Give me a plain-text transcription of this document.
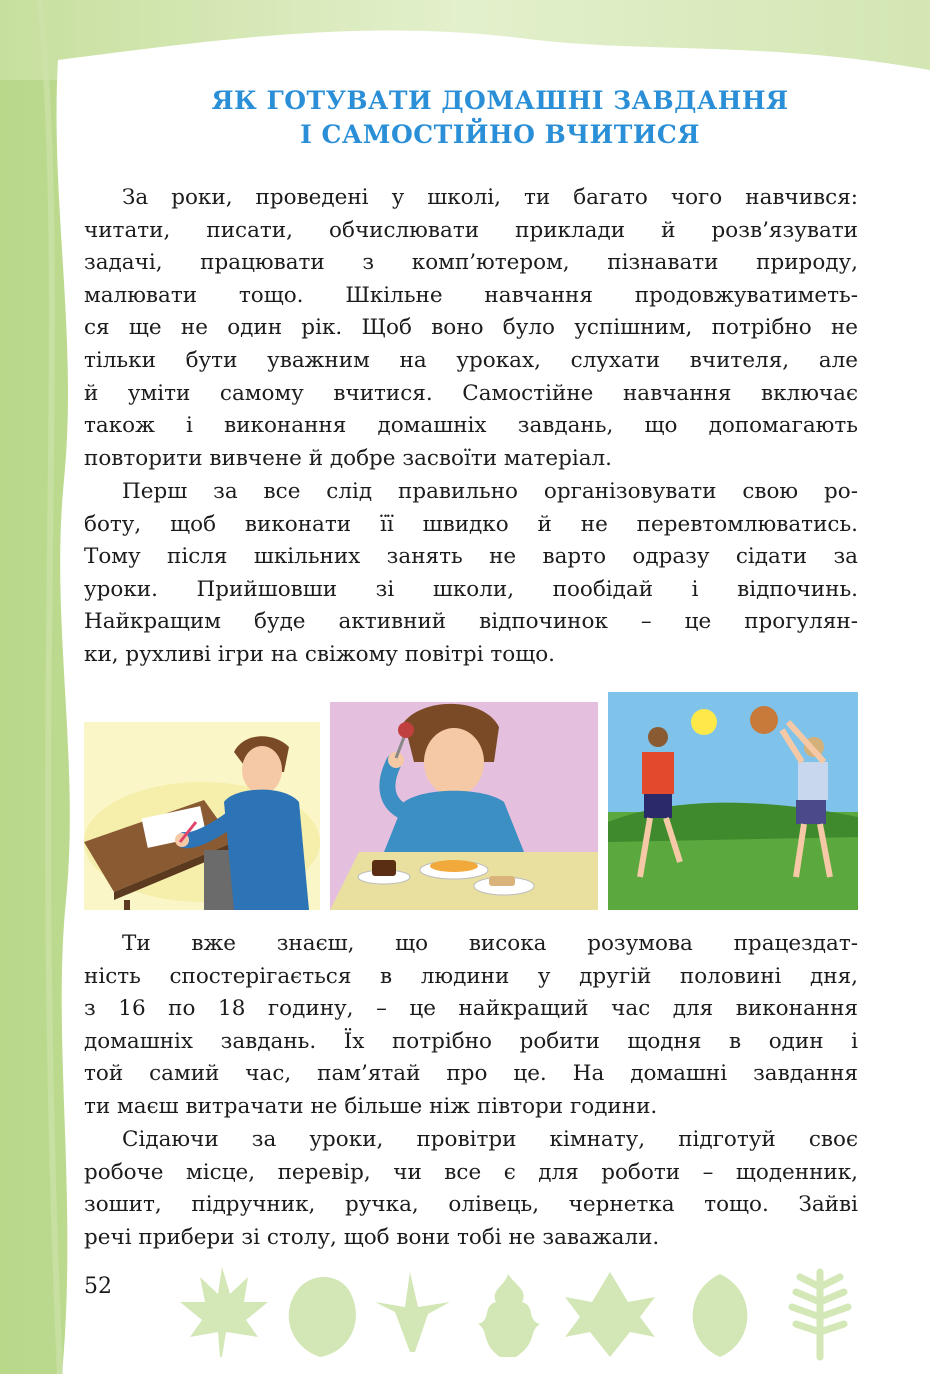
ЯК ГОТУВАТИ ДОМАШНІ ЗАВДАННЯ
І САМОСТІЙНО ВЧИТИСЯ
За роки, проведені у школі, ти багато чого навчився:
читати, писати, обчислювати приклади й розв’язувати
задачі, працювати з комп’ютером, пізнавати природу,
малювати тощо. Шкільне навчання продовжуватиметь-
ся ще не один рік. Щоб воно було успішним, потрібно не
тільки бути уважним на уроках, слухати вчителя, але
й уміти самому вчитися. Самостійне навчання включає
також і виконання домашніх завдань, що допомагають
повторити вивчене й добре засвоїти матеріал.
Перш за все слід правильно організовувати свою ро-
боту, щоб виконати її швидко й не перевтомлюватись.
Тому після шкільних занять не варто одразу сідати за
уроки. Прийшовши зі школи, пообідай і відпочинь.
Найкращим буде активний відпочинок – це прогулян-
ки, рухливі ігри на свіжому повітрі тощо.
Ти вже знаєш, що висока розумова працездат-
ність спостерігається в людини у другій половині дня,
з 16 по 18 годину, – це найкращий час для виконання
домашніх завдань. Їх потрібно робити щодня в один і
той самий час, пам’ятай про це. На домашні завдання
ти маєш витрачати не більше ніж півтори години.
Сідаючи за уроки, провітри кімнату, підготуй своє
робоче місце, перевір, чи все є для роботи – щоденник,
зошит, підручник, ручка, олівець, чернетка тощо. Зайві
речі прибери зі столу, щоб вони тобі не заважали.
52
